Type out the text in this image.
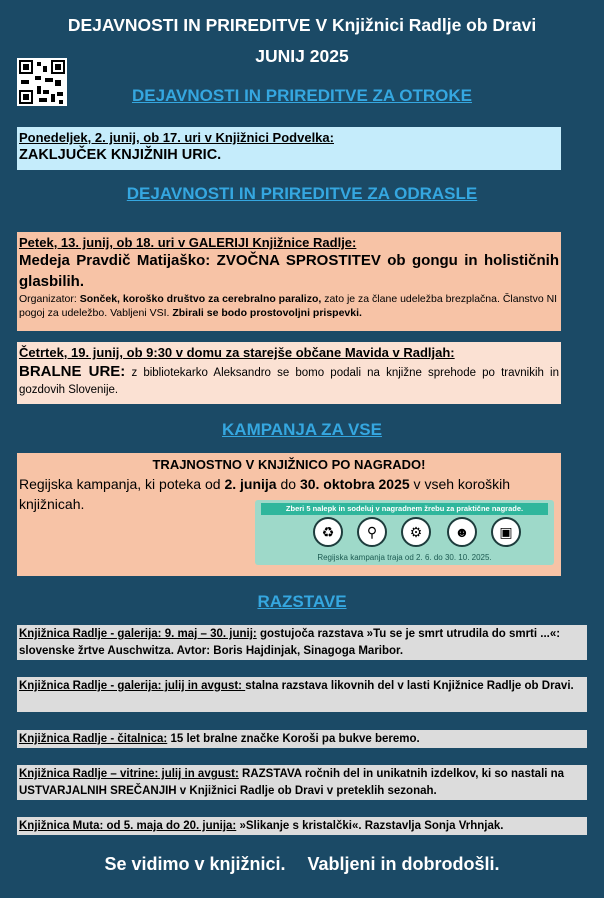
DEJAVNOSTI IN PRIREDITVE V Knjižnici Radlje ob Dravi
JUNIJ 2025
DEJAVNOSTI IN PRIREDITVE ZA OTROKE
Ponedeljek, 2. junij, ob 17. uri v Knjižnici Podvelka:
ZAKLJUČEK KNJIŽNIH URIC.
DEJAVNOSTI IN PRIREDITVE ZA ODRASLE
Petek, 13. junij, ob 18. uri v GALERIJI Knjižnice Radlje:
Medeja Pravdič Matijaško: ZVOČNA SPROSTITEV ob gongu in holističnih glasbilih.
Organizator: Sonček, koroško društvo za cerebralno paralizo, zato je za člane udeležba brezplačna. Članstvo NI pogoj za udeležbo. Vabljeni VSI. Zbirali se bodo prostovoljni prispevki.
Četrtek, 19. junij, ob 9:30 v domu za starejše občane Mavida v Radljah:
BRALNE URE: z bibliotekarko Aleksandro se bomo podali na knjižne sprehode po travnikih in gozdovih Slovenije.
KAMPANJA ZA VSE
TRAJNOSTNO V KNJIŽNICO PO NAGRADO!
Regijska kampanja, ki poteka od 2. junija do 30. oktobra 2025 v vseh koroških knjižnicah.	Zberi 5 nalepk in sodeluj v nagradnem žrebu za praktične nagrade.
♻	⚲	⚙	☻	▣
Regijska kampanja traja od 2. 6. do 30. 10. 2025.
RAZSTAVE
Knjižnica Radlje - galerija: 9. maj – 30. junij: gostujoča razstava »Tu se je smrt utrudila do smrti ...«: slovenske žrtve Auschwitza. Avtor: Boris Hajdinjak, Sinagoga Maribor.
Knjižnica Radlje - galerija: julij in avgust: stalna razstava likovnih del v lasti Knjižnice Radlje ob Dravi.
Knjižnica Radlje - čitalnica: 15 let bralne značke Koroši pa bukve beremo.
Knjižnica Radlje – vitrine: julij in avgust: RAZSTAVA ročnih del in unikatnih izdelkov, ki so nastali na USTVARJALNIH SREČANJIH v Knjižnici Radlje ob Dravi v preteklih sezonah.
Knjižnica Muta: od 5. maja do 20. junija: »Slikanje s kristalčki«. Razstavlja Sonja Vrhnjak.
Se vidimo v knjižnici. Vabljeni in dobrodošli.
